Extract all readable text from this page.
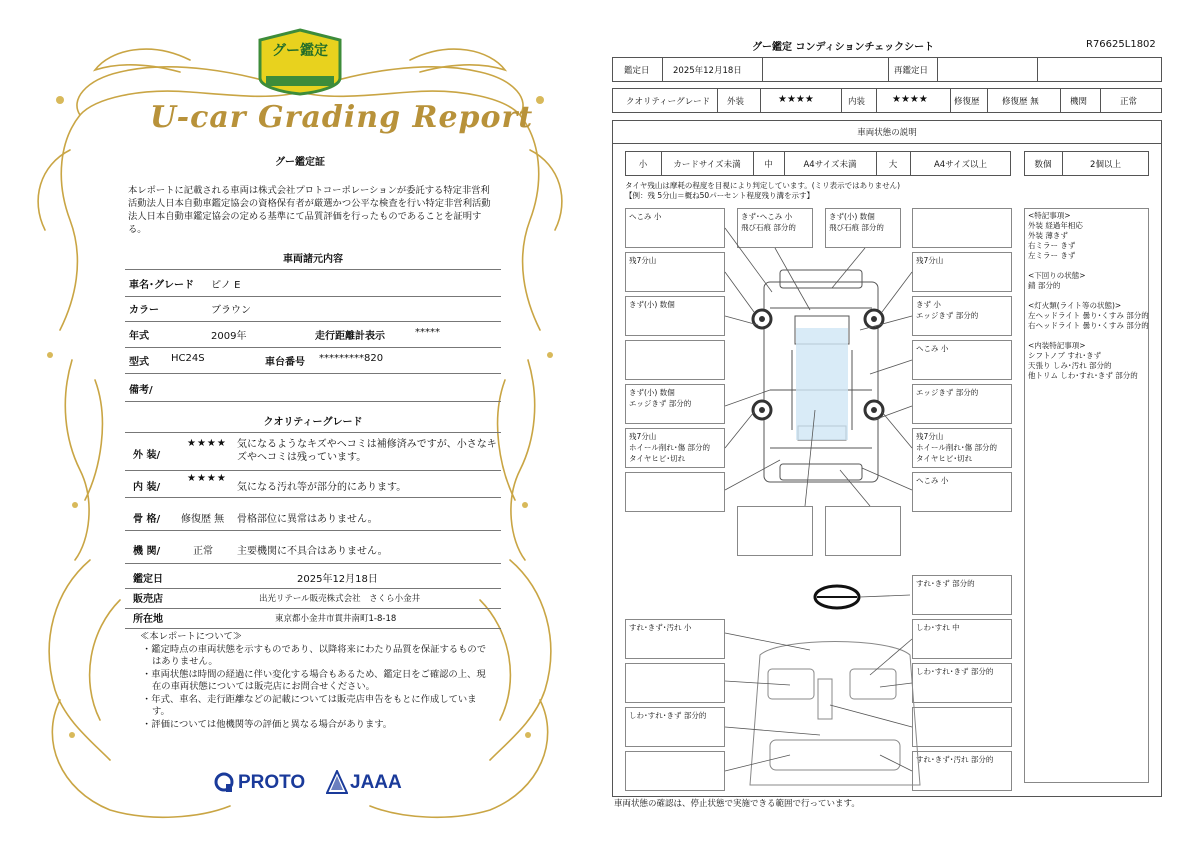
グー鑑定
U-car Grading Report
グー鑑定証
本レポートに記載される車両は株式会社プロトコーポレーションが委託する特定非営利活動法人日本自動車鑑定協会の資格保有者が厳選かつ公平な検査を行い特定非営利活動法人日本自動車鑑定協会の定める基準にて品質評価を行ったものであることを証明する。
車両諸元内容
車名･グレード ピノ E
カラー	ブラウン
年式	2009年	走行距離計表示	*****
型式 HC24S	車台番号 *********820
備考/
クオリティーグレード
外 装/
★★★★ 気になるようなキズやヘコミは補修済みですが、小さなキズやヘコミは残っています。
内 装/
★★★★
気になる汚れ等が部分的にあります。
骨 格/ 修復歴 無 骨格部位に異常はありません。
機 関/	正常 主要機関に不具合はありません。
鑑定日	2025年12月18日
販売店	出光リテール販売株式会社　さくら小金井
所在地	東京都小金井市貫井南町1-8-18
≪本レポートについて≫
・鑑定時点の車両状態を示すものであり、以降将来にわたり品質を保証するものではありません。
・車両状態は時間の経過に伴い変化する場合もあるため、鑑定日をご確認の上、現在の車両状態については販売店にお問合せください。
・年式、車名、走行距離などの記載については販売店申告をもとに作成しています。
・評価については他機関等の評価と異なる場合があります。
PROTO JAAA
グー鑑定 コンディションチェックシート	R76625L1802
鑑定日	2025年12月18日	再鑑定日
クオリティーグレード 外装	★★★★	内装	★★★★	修復歴	修復歴 無	機関	正常
車両状態の説明
小	カードサイズ未満	中	A4サイズ未満	大	A4サイズ以上	数個	2個以上
タイヤ残山は摩耗の程度を目視により判定しています。(ミリ表示ではありません)
【例：残 5分山＝概ね50パーセント程度残り溝を示す】
へこみ 小
残7分山
きず(小) 数個
きず(小) 数個
エッジきず 部分的
残7分山
ホイール削れ･傷 部分的
タイヤヒビ･切れ
きず･へこみ 小
飛び石痕 部分的
きず(小) 数個
飛び石痕 部分的
残7分山
きず 小
エッジきず 部分的
へこみ 小
エッジきず 部分的
残7分山
ホイール削れ･傷 部分的
タイヤヒビ･切れ
へこみ 小
すれ･きず･汚れ 小
しわ･すれ･きず 部分的
すれ･きず 部分的
しわ･すれ 中
しわ･すれ･きず 部分的
すれ･きず･汚れ 部分的
<特記事項>
外装 経過年相応
外装 薄きず
右ミラー きず
左ミラー きず
<下回りの状態>
錆 部分的
<灯火類(ライト等の状態)>
左ヘッドライト 曇り･くすみ 部分的
右ヘッドライト 曇り･くすみ 部分的
<内装特記事項>
シフトノブ すれ･きず
天張り しみ･汚れ 部分的
他トリム しわ･すれ･きず 部分的
車両状態の確認は、停止状態で実施できる範囲で行っています。
